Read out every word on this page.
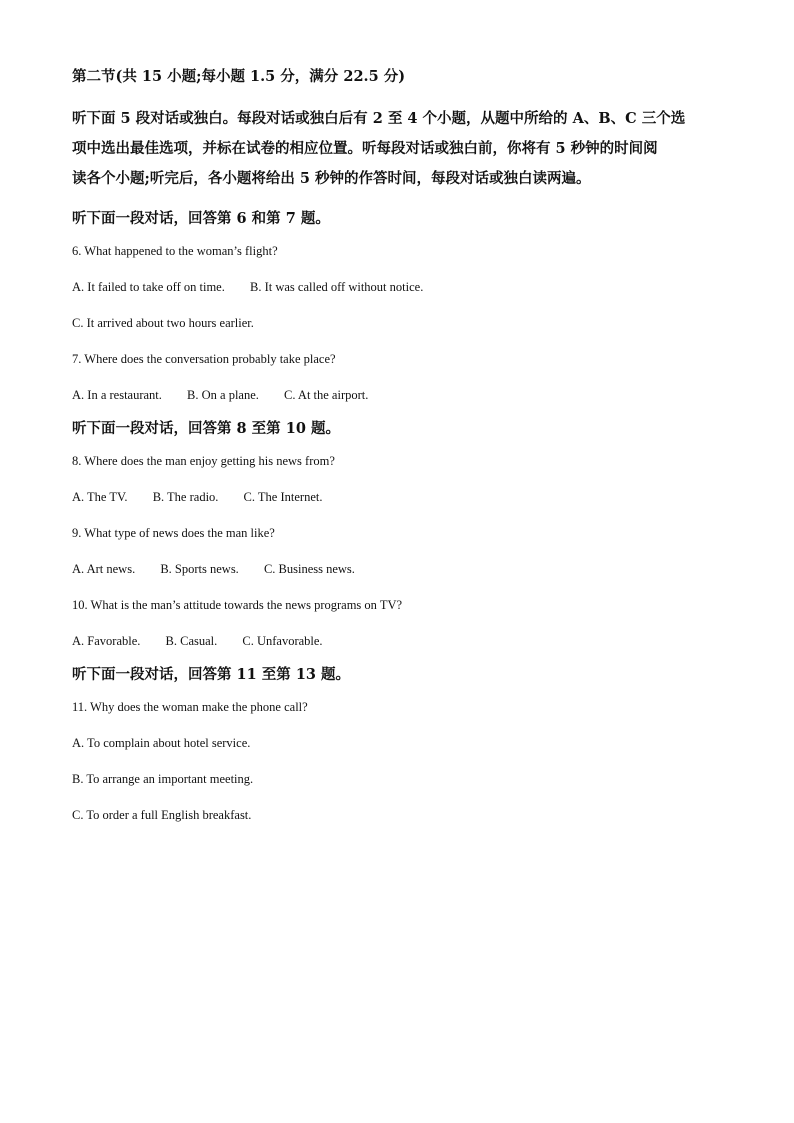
第二节(共 15 小题;每小题 1.5 分，满分 22.5 分)

听下面 5 段对话或独白。每段对话或独白后有 2 至 4 个小题，从题中所给的 A、B、C 三个选
项中选出最佳选项，并标在试卷的相应位置。听每段对话或独白前，你将有 5 秒钟的时间阅
读各个小题;听完后，各小题将给出 5 秒钟的作答时间，每段对话或独白读两遍。

听下面一段对话，回答第 6 和第 7 题。

6. What happened to the woman’s flight?

A. It failed to take off on time. B. It was called off without notice.

C. It arrived about two hours earlier.

7. Where does the conversation probably take place?

A. In a restaurant. B. On a plane. C. At the airport.

听下面一段对话，回答第 8 至第 10 题。

8. Where does the man enjoy getting his news from?

A. The TV. B. The radio. C. The Internet.

9. What type of news does the man like?

A. Art news. B. Sports news. C. Business news.

10. What is the man’s attitude towards the news programs on TV?

A. Favorable. B. Casual. C. Unfavorable.

听下面一段对话，回答第 11 至第 13 题。

11. Why does the woman make the phone call?

A. To complain about hotel service.

B. To arrange an important meeting.

C. To order a full English breakfast.
